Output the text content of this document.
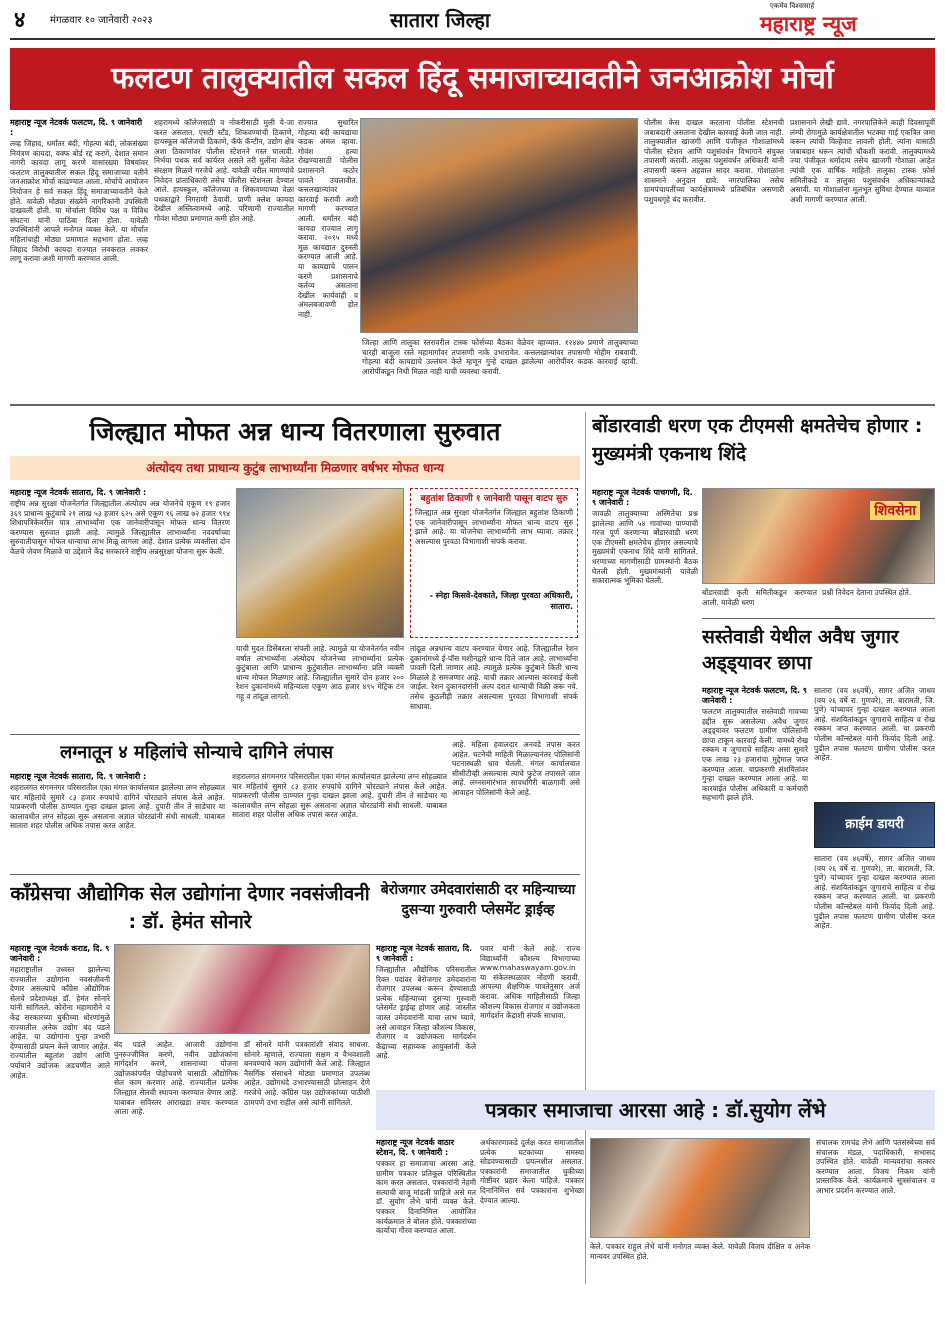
४ मंगळवार १० जानेवारी २०२३	सातारा जिल्हा
एकमेव विश्वासार्ह
महाराष्ट्र न्यूज
फलटण तालुक्यातील सकल हिंदू समाजाच्यावतीने जनआक्रोश मोर्चा
महाराष्ट्र न्यूज नेटवर्क फलटण, दि. ९ जानेवारी :
लव्ह जिहाद, धर्मांतर बंदी, गोहत्या बंदी, लोकसंख्या नियंत्रण कायदा, वक्फ बोर्ड रद्द करणे, देशात समान नागरी कायदा लागू करणे यासारख्या विषयांवर फलटण तालुक्यातील सकल हिंदू समाजाच्या वतीने जनआक्रोश मोर्चा काढण्यात आला. मोर्चाचे आयोजन नियोजन हे सर्व सकल हिंदू समाजाच्यावतीने केले होते. यावेळी मोठ्या संख्येने नागरिकांनी उपस्थिती दाखवली होती. या मोर्चाला विविध पक्ष व विविध संघटना यांनी पाठिंबा दिला होता. यावेळी उपस्थितांनी आपले मनोगत व्यक्त केले. या मोर्चात महिलांचाही मोठ्या प्रमाणात सहभाग होता. लव्ह जिहाद विरोधी कायदा राज्यात लवकरात लवकर लागू करावा अशी मागणी करण्यात आली.
शहरामध्ये कॉलेजसाठी व नोकरीसाठी मुली ये-जा करत असतात. एसटी स्टँड, शिकवण्यांची ठिकाणे, हायस्कूल कॉलेजची ठिकाणे, कॅफे कॅन्टीन, उद्योग क्षेत्र अशा ठिकाणांवर पोलीस स्टेशनने गस्त घालावी. निर्भया पथक सर्व कार्यरत असले तरी मुलींना वेळेत संरक्षण मिळणे गरजेचे आहे. यावेळी वरील मागण्यांचे निवेदन प्रांताधिकारी तसेच पोलीस स्टेशनला देण्यात आले. हायस्कूल, कॉलेजच्या व शिकवण्याच्या वेळा पथकाद्वारे निगराणी ठेवावी. प्राणी क्लेश कायदा देखील अस्तित्वामध्ये आहे. परिणामी राज्यातील गोवंश मोठ्या प्रमाणात कमी होत आहे.
राज्यात सुधारित गोहत्या बंदी कायद्याचा कडक अंमल व्हावा. गोवंश हत्या रोखण्यासाठी पोलीस प्रशासनाने कठोर पावले उचलावीत. कत्तलखान्यांवर कारवाई करावी अशी मागणी करण्यात आली. धर्मांतर बंदी कायदा राज्यात लागू करावा. २०१५ मध्ये मूळ कायद्यात दुरुस्ती करण्यात आली आहे. या कायद्याचे पालन करणे प्रशासनाचे कर्तव्य असताना देखील कार्यवाही व अंमलबजावणी होत नाही.
जिल्हा आणि तालुका स्तरावरील टास्क फोर्सच्या बैठका वेळेवर व्हाव्यात. १२४४७ प्रमाणे तालुक्याच्या चारही बाजूला रस्ते महामार्गावर तपासणी नाके उभारावेत. कत्तलखान्यांवर तपासणी मोहीम राबवावी. गोहत्या बंदी कायद्याचे उल्लंघन केले म्हणून गुन्हे दाखल झालेल्या आरोपींवर कडक कारवाई व्हावी. आरोपींकडून निधी मिळत नाही याची व्यवस्था करावी.
पोलीस केस दाखल करताना पोलीस स्टेशनची जबाबदारी असताना देखील कारवाई केली जात नाही. तालुक्यातील खाजगी आणि पंजीकृत गोशाळांमध्ये पोलीस स्टेशन आणि पशुसंवर्धन विभागाने संयुक्त तपासणी करावी. तालुका पशुसंवर्धन अधिकारी यांनी तपासणी करून अहवाल सादर करावा. गोशाळांना शासनाने अनुदान द्यावे. नगरपालिका तसेच ग्रामपंचायतींच्या कार्यक्षेत्रामध्ये प्रतिबंधित असणारी पशुवधगृहे बंद करावीत.
प्रशासनाने लेखी द्यावे. नगरपालिकेने काही दिवसापूर्वी लंम्पी रोगामुळे कार्यक्षेत्रातील भटक्या गाई एकत्रित जमा करून त्यांची विल्हेवाट लावली होती. त्यांना यासाठी जबाबदार धरून त्यांची चौकशी करावी. तालुक्यामध्ये ज्या पंजीकृत धर्मादाय तसेच खाजगी गोशाळा आहेत त्यांची एक वार्षिक माहिती तालुका टास्क फोर्स समितीकडे व तालुका पशुसंवर्धन अधिकाऱ्यांकडे असावी. या गोशाळांना मूलभूत सुविधा देण्यात याव्यात अशी मागणी करण्यात आली.
जिल्ह्यात मोफत अन्न धान्य वितरणाला सुरुवात
अंत्योदय तथा प्राधान्य कुटुंब लाभार्थ्यांना मिळणार वर्षभर मोफत धान्य
महाराष्ट्र न्यूज नेटवर्क सातारा, दि. ९ जानेवारी :
राष्ट्रीय अन्न सुरक्षा योजनेंतर्गत जिल्ह्यातील अंत्योदय अन्न योजनेचे एकूण १९ हजार ३६९ प्राधान्य कुटुंबाचे २१ लाख ५३ हजार ६२५ असे एकूण १६ लाख ७२ हजार ९९४ शिधापत्रिकेवरील पात्र लाभार्थ्यांना एक जानेवारीपासून मोफत धान्य वितरण करण्यास सुरुवात झाली आहे. त्यामुळे जिल्ह्यातील लाभार्थ्यांना नववर्षाच्या सुरुवातीपासून मोफत धान्याचा लाभ मिळू लागला आहे. देशात प्रत्येक व्यक्तीला दोन वेळचे जेवण मिळावे या उद्देशाने केंद्र सरकारने राष्ट्रीय अन्नसुरक्षा योजना सुरू केली.
बहुतांश ठिकाणी १ जानेवारी पासून वाटप सुरु
जिल्ह्यात अन्न सुरक्षा योजनेंतर्गत जिल्ह्यात बहुतांश ठिकाणी एक जानेवारीपासून लाभार्थ्यांना मोफत धान्य वाटप सुरु झाले आहे. या योजनेचा लाभार्थ्यांनी लाभ घ्यावा. तक्रार असल्यास पुरवठा विभागाशी संपर्क करावा.
- स्नेहा किसवे-देवकाते, जिल्हा पुरवठा अधिकारी, सातारा.
याची मुदत डिसेंबरला संपली आहे. त्यामुळे या योजनेतर्गत नवीन वर्षात लाभार्थ्यांना अंत्योदय योजनेच्या लाभार्थ्यांना प्रत्येक कुटुंबाला आणि प्राधान्य कुटुंबातील लाभार्थ्यांना प्रति व्यक्ती धान्य मोफत मिळणार आहे. जिल्ह्यातील सुमारे दोन हजार २०० रेशन दुकानांमध्ये महिन्याला एकूण आठ हजार ४९५ मेट्रिक टन गहू व तांदूळ लागतो.
तांदूळ अन्नधान्य वाटप करण्यात येणार आहे. जिल्ह्यातील रेशन दुकानांमध्ये ई-पॉस मशीनद्वारे धान्य दिले जात आहे. लाभार्थ्यांना पावती दिली जाणार आहे. त्यामुळे प्रत्येक कुटुंबाने किती धान्य मिळाले हे समजणार आहे. याची तक्रार आल्यास कारवाई केली जाईल. रेशन दुकानदारांनी अल्प दरात धान्याची विक्री करू नये. तसेच कुठलीही तक्रार असल्यास पुरवठा विभागाशी संपर्क साधावा.
बोंडारवाडी धरण एक टीएमसी क्षमतेचेच होणार : मुख्यमंत्री एकनाथ शिंदे
महाराष्ट्र न्यूज नेटवर्क पाचगणी, दि. ९ जानेवारी :
जावळी तालुक्याच्या अस्मितेचा प्रश्न झालेल्या आणि ५४ गावांच्या पाण्याची गरज पूर्ण करणाऱ्या बोंडारवाडी धरण एक टीएमसी क्षमतेचेच होणार असल्याचे मुख्यमंत्री एकनाथ शिंदे यांनी सांगितले. धरणाच्या मागणीसाठी ग्रामस्थांनी बैठक घेतली होती. मुख्यमंत्र्यांनी यावेळी सकारात्मक भूमिका घेतली.
शिवसेना
बोंडारवाडी कृती समितीकडून करण्यात आली. यावेळी धरण
प्रश्नी निवेदन देताना उपस्थित होते.
सस्तेवाडी येथील अवैध जुगार अड्ड्यावर छापा
महाराष्ट्र न्यूज नेटवर्क फलटण, दि. ९ जानेवारी :
फलटण तालुक्यातील सस्तेवाडी गावच्या हद्दीत सुरू असलेल्या अवैध जुगार अड्ड्यावर फलटण ग्रामीण पोलिसांनी छापा टाकून कारवाई केली. यामध्ये रोख रक्कम व जुगाराचे साहित्य असा सुमारे एक लाख २३ हजारांचा मुद्देमाल जप्त करण्यात आला. याप्रकरणी संशयितांवर गुन्हा दाखल करण्यात आला आहे. या कारवाईत पोलीस अधिकारी व कर्मचारी सहभागी झाले होते.
सातारा (वय ४६वर्षे), सागर अजित जाधव (वय २६ वर्षे रा. गुणवरे), ता. बारामती, जि. पुणे) यांच्यावर गुन्हा दाखल करण्यात आला आहे. संशयितांकडून जुगाराचे साहित्य व रोख रक्कम जप्त करण्यात आली. या प्रकरणी पोलीस कॉन्स्टेबल यांनी फिर्याद दिली आहे. पुढील तपास फलटण ग्रामीण पोलीस करत आहेत.
क्राईम डायरी
सातारा (वय ४६वर्षे), सागर अजित जाधव (वय २६ वर्षे रा. गुणवरे), ता. बारामती, जि. पुणे) यांच्यावर गुन्हा दाखल करण्यात आला आहे. संशयितांकडून जुगाराचे साहित्य व रोख रक्कम जप्त करण्यात आली. या प्रकरणी पोलीस कॉन्स्टेबल यांनी फिर्याद दिली आहे. पुढील तपास फलटण ग्रामीण पोलीस करत आहेत.
लग्नातून ४ महिलांचे सोन्याचे दागिने लंपास
महाराष्ट्र न्यूज नेटवर्क सातारा, दि. ९ जानेवारी :
शहरालगत संगमनगर परिसरातील एका मंगल कार्यालयात झालेल्या लग्न सोहळ्यात चार महिलांचे सुमारे ८३ हजार रुपयांचे दागिने चोरट्याने लंपास केले आहेत. याप्रकरणी पोलीस ठाण्यात गुन्हा दाखल झाला आहे. दुपारी तीन ते साडेचार या कालावधीत लग्न सोहळा सुरू असताना अज्ञात चोरट्यांनी संधी साधली. याबाबत सातारा शहर पोलीस अधिक तपास करत आहेत.
शहरालगत संगमनगर परिसरातील एका मंगल कार्यालयात झालेल्या लग्न सोहळ्यात चार महिलांचे सुमारे ८३ हजार रुपयांचे दागिने चोरट्याने लंपास केले आहेत. याप्रकरणी पोलीस ठाण्यात गुन्हा दाखल झाला आहे. दुपारी तीन ते साडेचार या कालावधीत लग्न सोहळा सुरू असताना अज्ञात चोरट्यांनी संधी साधली. याबाबत सातारा शहर पोलीस अधिक तपास करत आहेत.
आहे. महिला हवालदार अनवडे तपास करत आहेत. घटनेची माहिती मिळाल्यानंतर पोलिसांनी घटनास्थळी धाव घेतली. मंगल कार्यालयात सीसीटीव्ही असल्यास त्याचे फुटेज तपासले जात आहे. लग्नसमारंभात सावधगिरी बाळगावी असे आवाहन पोलिसांनी केले आहे.
काँग्रेसचा औद्योगिक सेल उद्योगांना देणार नवसंजीवनी : डॉ. हेमंत सोनारे
महाराष्ट्र न्यूज नेटवर्क कराड, दि. ९ जानेवारी :
महाराष्ट्रातील उध्वस्त झालेल्या राज्यातील उद्योगांना नवसंजीवनी देणार असल्याचे काँग्रेस औद्योगिक सेलचे प्रदेशाध्यक्ष डॉ. हेमंत सोनारे यांनी सांगितले. कोरोना महामारीने व केंद्र सरकारच्या चुकीच्या धोरणांमुळे राज्यातील अनेक उद्योग बंद पडले आहेत. या उद्योगांना पुन्हा उभारी देण्यासाठी प्रयत्न केले जाणार आहेत. राज्यातील बहुतांश उद्योग आणि पर्यायाने उद्योजक अडचणीत आले आहेत.
बंद पडले आहेत. आजारी उद्योगांना पुनरुज्जीवित करणे, नवीन उद्योजकांना मार्गदर्शन करणे, शासनाच्या योजना उद्योजकांपर्यंत पोहोचवणे यासाठी औद्योगिक सेल काम करणार आहे. राज्यातील प्रत्येक जिल्ह्यात सेलची स्थापना करण्यात येणार आहे. याबाबत सविस्तर आराखडा तयार करण्यात आला आहे.
डॉ सोनारे यांनी पत्रकारांशी संवाद साधला. सोनारे म्हणाले, राज्याला सक्षम व वैभवशाली बनवण्याचे काम उद्योगांनी केले आहे. जिल्ह्यात नैसर्गिक संसाधने मोठ्या प्रमाणात उपलब्ध आहेत. उद्योगधंदे उभारण्यासाठी प्रोत्साहन देणे गरजेचे आहे. काँग्रेस पक्ष उद्योजकांच्या पाठीशी ठामपणे उभा राहील असे त्यांनी सांगितले.
बेरोजगार उमेदवारांसाठी दर महिन्याच्या दुसऱ्या गुरुवारी प्लेसमेंट ड्राईव्ह
महाराष्ट्र न्यूज नेटवर्क सातारा, दि. ९ जानेवारी :
जिल्ह्यातील औद्योगिक परिसरातील रिक्त पदांवर बेरोजगार उमेदवारांना रोजगार उपलब्ध करून देण्यासाठी प्रत्येक महिन्याच्या दुसऱ्या गुरुवारी प्लेसमेंट ड्राईव्ह होणार आहे. जास्तीत जास्त उमेदवारांनी याचा लाभ घ्यावे, असे आवाहन जिल्हा कौशल्य विकास, रोजगार व उद्योजकता मार्गदर्शन केंद्राच्या सहाय्यक आयुक्तांनी केले आहे.
पवार यांनी केले आहे. राज्य विद्यार्थ्यांनी कौशल्य विभागाच्या www.mahaswayam.gov.in या संकेतस्थळावर नोंदणी करावी. आपल्या शैक्षणिक पात्रतेनुसार अर्ज करावा. अधिक माहितीसाठी जिल्हा कौशल्य विकास रोजगार व उद्योजकता मार्गदर्शन केंद्राशी संपर्क साधावा.
पत्रकार समाजाचा आरसा आहे : डॉ.सुयोग लेंभे
महाराष्ट्र न्यूज नेटवर्क वाठार स्टेशन, दि. ९ जानेवारी :
पत्रकार हा समाजाचा आरसा आहे. ग्रामीण पत्रकार प्रतिकूल परिस्थितीत काम करत असतात. पत्रकारांनी नेहमी सत्याची बाजू मांडली पाहिजे असे मत डॉ. सुयोग लेंभे यांनी व्यक्त केले. पत्रकार दिनानिमित्त आयोजित कार्यक्रमात ते बोलत होते. पत्रकारांच्या कार्याचा गौरव करण्यात आला.
अर्थकारणाकडे दुर्लक्ष करत समाजातील प्रत्येक घटकाच्या समस्या सोडवण्यासाठी प्रयत्नशील असतात. पत्रकारांनी समाजातील चुकीच्या गोष्टींवर प्रहार केला पाहिजे. पत्रकार दिनानिमित्त सर्व पत्रकारांना शुभेच्छा देण्यात आल्या.
केले. पत्रकार राहुल लेंभे यांनी मनोगत व्यक्त केले. यावेळी विजय दीक्षित व अनेक मान्यवर उपस्थित होते.
संचालक रामचंद्र लेंभे आणि पतसंस्थेच्या सर्व संचालक मंडळ, पदाधिकारी, सभासद उपस्थित होते. यावेळी मान्यवरांचा सत्कार करण्यात आला. विजय निकम यांनी प्रास्ताविक केले. कार्यक्रमाचे सूत्रसंचालन व आभार प्रदर्शन करण्यात आले.
